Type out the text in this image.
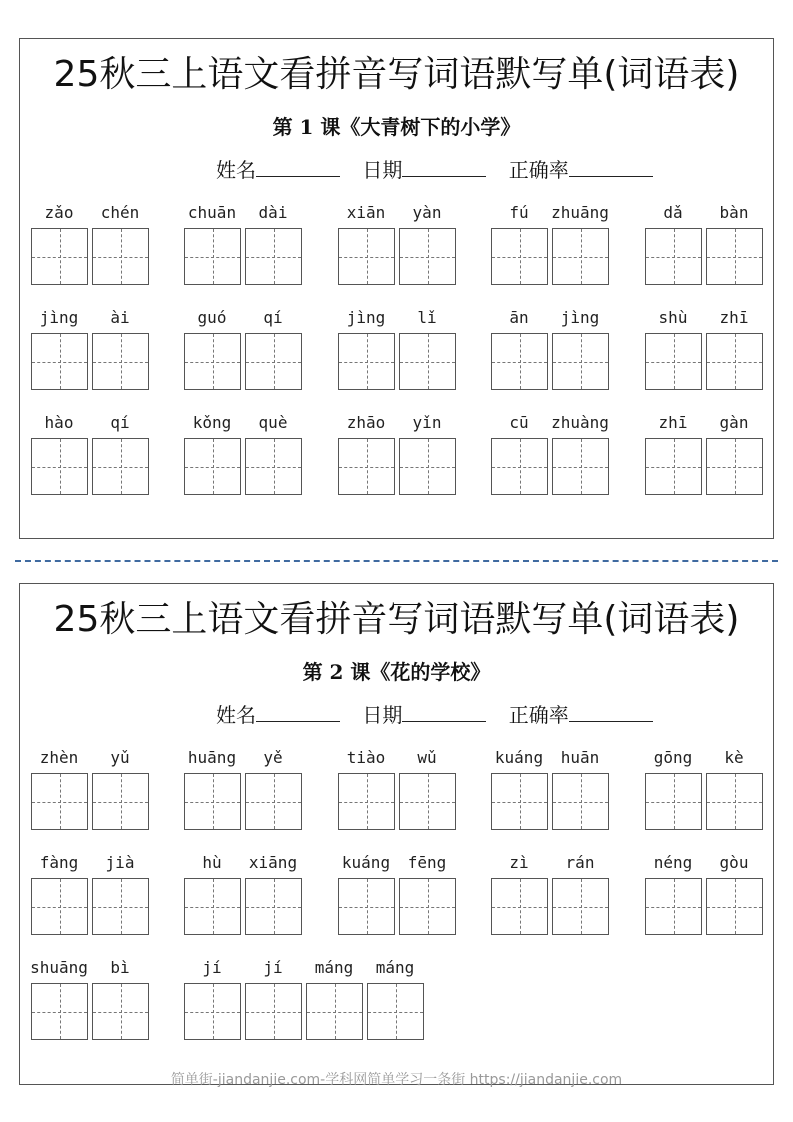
25秋三上语文看拼音写词语默写单(词语表)
第 1 课《大青树下的小学》
姓名	日期	正确率
zǎo	chén	chuān	dài	xiān	yàn	fú	zhuāng	dǎ	bàn
jìng	ài	guó	qí	jìng	lǐ	ān	jìng	shù	zhī
hào	qí	kǒng	què	zhāo	yǐn	cū	zhuàng	zhī	gàn
25秋三上语文看拼音写词语默写单(词语表)
第 2 课《花的学校》
姓名	日期	正确率
zhèn	yǔ	huāng	yě	tiào	wǔ	kuáng	huān	gōng	kè
fàng	jià	hù	xiāng	kuáng	fēng	zì	rán	néng	gòu
shuāng	bì	jí	jí	máng	máng
简单街-jiandanjie.com-学科网简单学习一条街 https://jiandanjie.com
